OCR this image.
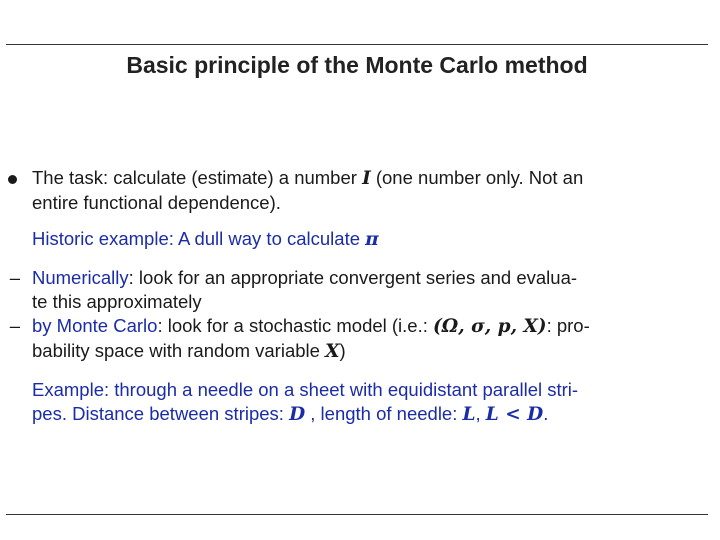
Basic principle of the Monte Carlo method

The task: calculate (estimate) a number I (one number only. Not an
entire functional dependence).

Historic example: A dull way to calculate π

– Numerically: look for an appropriate convergent series and evalua-
te this approximately
– by Monte Carlo: look for a stochastic model (i.e.: (Ω, σ, p, X): pro-
bability space with random variable X)

Example: through a needle on a sheet with equidistant parallel stri-
pes. Distance between stripes: D , length of needle: L, L < D.
